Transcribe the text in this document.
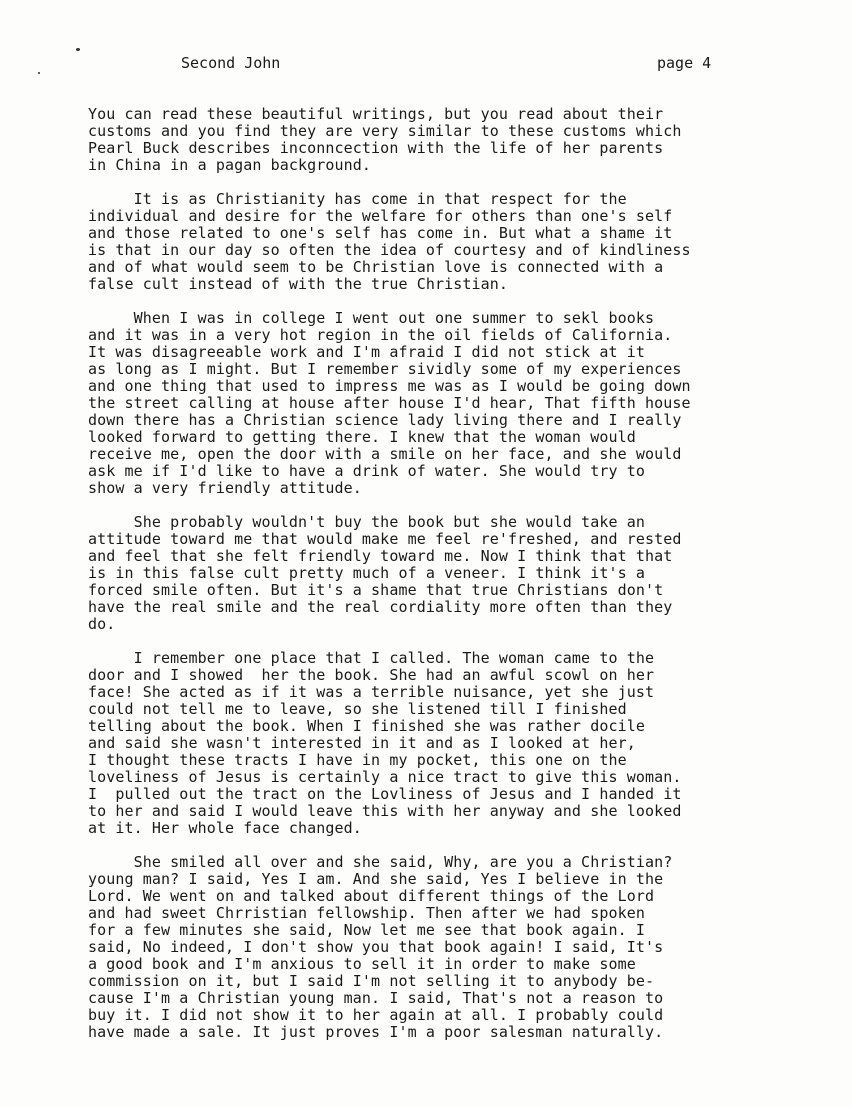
Second John	page 4

You can read these beautiful writings, but you read about their
customs and you find they are very similar to these customs which
Pearl Buck describes inconncection with the life of her parents
in China in a pagan background.

It is as Christianity has come in that respect for the
individual and desire for the welfare for others than one's self
and those related to one's self has come in. But what a shame it
is that in our day so often the idea of courtesy and of kindliness
and of what would seem to be Christian love is connected with a
false cult instead of with the true Christian.

When I was in college I went out one summer to sekl books
and it was in a very hot region in the oil fields of California.
It was disagreeable work and I'm afraid I did not stick at it
as long as I might. But I remember sividly some of my experiences
and one thing that used to impress me was as I would be going down
the street calling at house after house I'd hear, That fifth house
down there has a Christian science lady living there and I really
looked forward to getting there. I knew that the woman would
receive me, open the door with a smile on her face, and she would
ask me if I'd like to have a drink of water. She would try to
show a very friendly attitude.

She probably wouldn't buy the book but she would take an
attitude toward me that would make me feel re'freshed, and rested
and feel that she felt friendly toward me. Now I think that that
is in this false cult pretty much of a veneer. I think it's a
forced smile often. But it's a shame that true Christians don't
have the real smile and the real cordiality more often than they
do.

I remember one place that I called. The woman came to the
door and I showed  her the book. She had an awful scowl on her
face! She acted as if it was a terrible nuisance, yet she just
could not tell me to leave, so she listened till I finished
telling about the book. When I finished she was rather docile
and said she wasn't interested in it and as I looked at her,
I thought these tracts I have in my pocket, this one on the
loveliness of Jesus is certainly a nice tract to give this woman.
I  pulled out the tract on the Lovliness of Jesus and I handed it
to her and said I would leave this with her anyway and she looked
at it. Her whole face changed.

She smiled all over and she said, Why, are you a Christian?
young man? I said, Yes I am. And she said, Yes I believe in the
Lord. We went on and talked about different things of the Lord
and had sweet Chrristian fellowship. Then after we had spoken
for a few minutes she said, Now let me see that book again. I
said, No indeed, I don't show you that book again! I said, It's
a good book and I'm anxious to sell it in order to make some
commission on it, but I said I'm not selling it to anybody be-
cause I'm a Christian young man. I said, That's not a reason to
buy it. I did not show it to her again at all. I probably could
have made a sale. It just proves I'm a poor salesman naturally.
